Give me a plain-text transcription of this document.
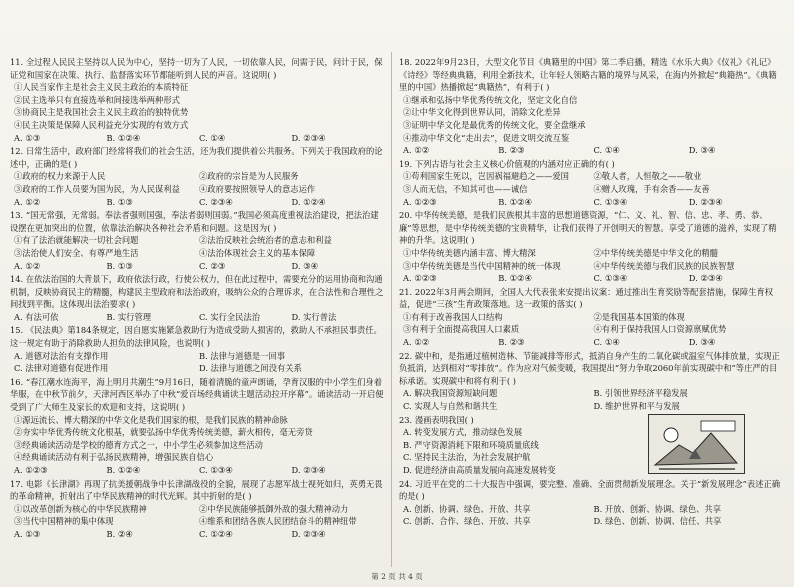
11. 全过程人民民主坚持以人民为中心，坚持一切为了人民，一切依靠人民，问需于民，问计于民，保证党和国家在决策、执行、监督落实环节都能听到人民的声音。这说明( )
①人民当家作主是社会主义民主政治的本质特征
②民主选举只有直接选举和间接选举两种形式
③协商民主是我国社会主义民主政治的独特优势
④民主决策是保障人民利益充分实现的有效方式
A. ①③	B. ①②④	C. ①④	D. ②③④
12. 日常生活中，政府部门经常将我们的社会生活，还为我们提供着公共服务。下列关于我国政府的论述中，正确的是( )
①政府的权力来源于人民	②政府的宗旨是为人民服务
③政府的工作人员要为国为民，为人民谋利益	④政府要按照领导人的意志运作
A. ①②	B. ①③	C. ②③④	D. ①②④
13. “国无常强，无常弱。奉法者强则国强，奉法者弱则国弱。”我国必须高度重视法治建设，把法治建设摆在更加突出的位置，依靠法治解决各种社会矛盾和问题。这是因为( )
①有了法治就能解决一切社会问题	②法治反映社会统治者的意志和利益
③法治使人们安全、有尊严地生活	④法治体现社会主义的基本保障
A. ①②	B. ①③	C. ②③	D. ③④
14. 在依法治国的大背景下，政府依法行政，行使公权力，但在此过程中，需要充分的运用协商和沟通机制，反映协商民主的精髓，构建民主型政府和法治政府，吸纳公众的合理诉求，在合法性和合理性之间找到平衡。这体现出法治要求( )
A. 有法可依	B. 实行管理	C. 实行全民法治	D. 实行普法
15. 《民法典》第184条规定，因自愿实施紧急救助行为造成受助人损害的，救助人不承担民事责任。这一规定有助于消除救助人担负的法律风险，也说明( )
A. 道德对法治有支撑作用	B. 法律与道德是一回事
C. 法律对道德有促进作用	D. 法律与道德之间没有关系
16. “春江潮水连海平，海上明月共潮生”9月16日，随着清脆的童声朗诵，孕育汉服的中小学生们身着华服，在中秋节前夕，天津河西区举办了中秋“爱百场经典诵读主题活动拉开序幕”。诵读活动一开启便受到了广大师生及家长的欢迎和支持，这说明( )
①源远流长、博大精深的中华文化是我们国家的根，是我们民族的精神命脉
②夯实中华优秀传统文化根基，就要弘扬中华优秀传统美德，薪火相传，毫无旁贷
③经典诵读活动是学校的德育方式之一，中小学生必须参加这些活动
④经典诵读活动有利于弘扬民族精神，增强民族自信心
A. ①②③	B. ①②④	C. ①③④	D. ②③④
17. 电影《长津湖》再现了抗美援朝战争中长津湖战役的全貌，展现了志愿军战士视死如归，英勇无畏的革命精神，折射出了中华民族精神的时代光辉。其中折射的是( )
①以改革创新为核心的中华民族精神	②中华民族能够抵御外敌的强大精神动力
③当代中国精神的集中体现	④维系和团结各族人民团结奋斗的精神纽带
A. ①③	B. ②④	C. ①②④	D. ②③④
18. 2022年9月23日，大型文化节目《典籍里的中国》第二季启播，精选《水乐大典》《仪礼》《礼记》《诗经》等经典典籍，利用全新技术，让年轻人领略古籍的境界与风采，在海内外掀起“典籍热”。《典籍里的中国》热播掀起“典籍热”，有利于( )
①继承和弘扬中华优秀传统文化，坚定文化自信
②让中华文化得到世界认同，消除文化差异
③证明中华文化是最优秀的传统文化，要全盘继承
④推动中华文化“走出去”，促进文明交流互鉴
A. ①②	B. ②③	C. ①④	D. ③④
19. 下列古语与社会主义核心价值观的内涵对应正确的有( )
①苟利国家生死以，岂因祸福避趋之——爱国	②敬人者，人恒敬之——敬业
③人而无信，不知其可也——诚信	④赠人玫瑰，手有余香——友善
A. ①②③	B. ①②④	C. ①③④	D. ②③④
20. 中华传统美德，是我们民族根其丰富的思想道德资源，“仁、义、礼、智、信、忠、孝、勇、恭、廉”等思想，是中华传统美德的宝贵精华，让我们获得了开创明天的智慧。享受了道德的滋养，实现了精神的升华。这说明( )
①中华传统美德内涵丰富、博大精深	②中华传统美德是中华文化的精髓
③中华传统美德是当代中国精神的统一体现	④中华传统美德与我们民族的民族智慧
A. ①②③	B. ①②④	C. ①③④	D. ②③④
21. 2022年3月两会期间，全国人大代表张来安提出议案：通过推出生育奖励等配套措施，保障生育权益，促进“三孩”生育政策落地。这一政策的落实( )
①有利于改善我国人口结构	②是我国基本国策的体现
③有利于全面提高我国人口素质	④有利于保持我国人口资源禀赋优势
A. ①②	B. ②③	C. ①④	D. ③④
22. 碳中和，是指通过植树造林、节能减排等形式，抵消自身产生的二氧化碳或温室气体排放量，实现正负抵消，达到相对“零排放”。作为应对气候变暖，我国提出“努力争取2060年前实现碳中和”等庄严的目标承诺。实现碳中和将有利于( )
A. 解决我国资源短缺问题	B. 引领世界经济平稳发展
C. 实现人与自然和谐共生	D. 维护世界和平与发展
23. 漫画表明我国( )
A. 转变发展方式，推动绿色发展
B. 严守资源消耗下限和环境质量底线
C. 坚持民主法治，为社会发展护航
D. 促进经济由高质量发展向高速发展转变
24. 习近平在党的二十大报告中强调，要完整、准确、全面贯彻新发展理念。关于“新发展理念”表述正确的是( )
A. 创新、协调、绿色、开放、共享	B. 开放、创新、协调、绿色、共享
C. 创新、合作、绿色、开放、共享	D. 绿色、创新、协调、信任、共享
第 2 页 共 4 页
